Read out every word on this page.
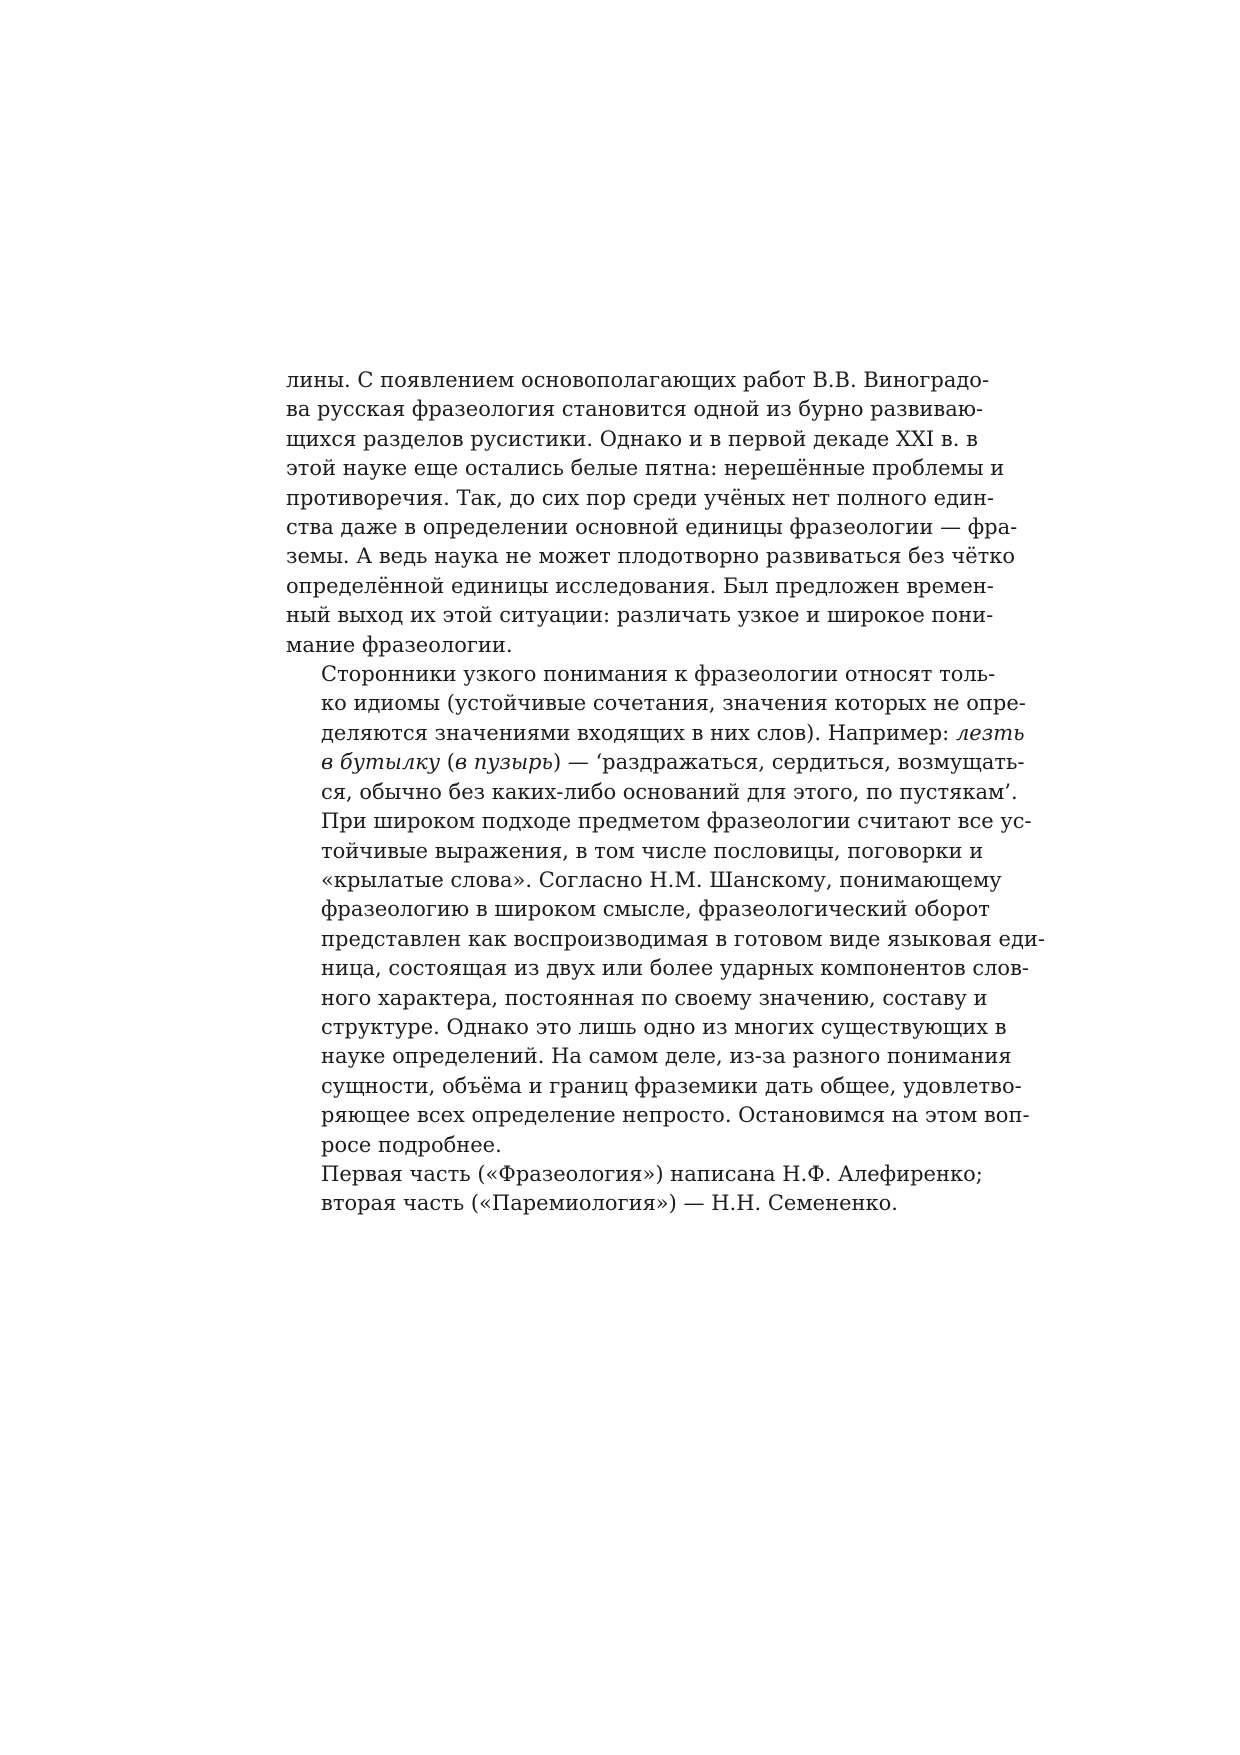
лины. С появлением основополагающих работ В.В. Виноградо-
ва русская фразеология становится одной из бурно развиваю-
щихся разделов русистики. Однако и в первой декаде XXI в. в
этой науке еще остались белые пятна: нерешённые проблемы и
противоречия. Так, до сих пор среди учёных нет полного един-
ства даже в определении основной единицы фразеологии — фра-
земы. А ведь наука не может плодотворно развиваться без чётко
определённой единицы исследования. Был предложен времен-
ный выход их этой ситуации: различать узкое и широкое пони-
мание фразеологии.

Сторонники узкого понимания к фразеологии относят толь-
ко идиомы (устойчивые сочетания, значения которых не опре-
деляются значениями входящих в них слов). Например: лезть
в бутылку (в пузырь) — ‘раздражаться, сердиться, возмущать-
ся, обычно без каких-либо оснований для этого, по пустякам’.
При широком подходе предметом фразеологии считают все ус-
тойчивые выражения, в том числе пословицы, поговорки и
«крылатые слова». Согласно Н.М. Шанскому, понимающему
фразеологию в широком смысле, фразеологический оборот
представлен как воспроизводимая в готовом виде языковая еди-
ница, состоящая из двух или более ударных компонентов слов-
ного характера, постоянная по своему значению, составу и
структуре. Однако это лишь одно из многих существующих в
науке определений. На самом деле, из-за разного понимания
сущности, объёма и границ фраземики дать общее, удовлетво-
ряющее всех определение непросто. Остановимся на этом воп-
росе подробнее.

Первая часть («Фразеология») написана Н.Ф. Алефиренко;
вторая часть («Паремиология») — Н.Н. Семененко.
